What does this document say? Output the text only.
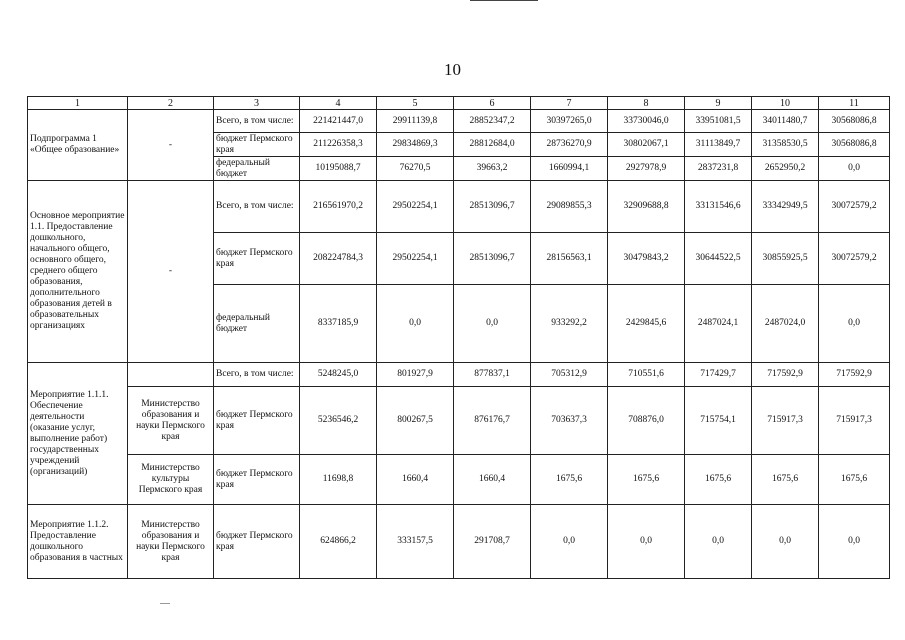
10
1	2	3	4	5	6	7	8	9	10	11
Подпрограмма 1 «Общее образование»	-	Всего, в том числе:	221421447,0	29911139,8	28852347,2	30397265,0	33730046,0	33951081,5	34011480,7	30568086,8
		бюджет Пермского края	211226358,3	29834869,3	28812684,0	28736270,9	30802067,1	31113849,7	31358530,5	30568086,8
		федеральный бюджет	10195088,7	76270,5	39663,2	1660994,1	2927978,9	2837231,8	2652950,2	0,0
Основное мероприятие 1.1. Предоставление дошкольного, начального общего, основного общего, среднего общего образования, дополнительного образования детей в образовательных организациях	-	Всего, в том числе:	216561970,2	29502254,1	28513096,7	29089855,3	32909688,8	33131546,6	33342949,5	30072579,2
		бюджет Пермского края	208224784,3	29502254,1	28513096,7	28156563,1	30479843,2	30644522,5	30855925,5	30072579,2
		федеральный бюджет	8337185,9	0,0	0,0	933292,2	2429845,6	2487024,1	2487024,0	0,0
Мероприятие 1.1.1. Обеспечение деятельности (оказание услуг, выполнение работ) государственных учреждений (организаций)		Всего, в том числе:	5248245,0	801927,9	877837,1	705312,9	710551,6	717429,7	717592,9	717592,9
	Министерство образования и науки Пермского края	бюджет Пермского края	5236546,2	800267,5	876176,7	703637,3	708876,0	715754,1	715917,3	715917,3
	Министерство культуры Пермского края	бюджет Пермского края	11698,8	1660,4	1660,4	1675,6	1675,6	1675,6	1675,6	1675,6
Мероприятие 1.1.2. Предоставление дошкольного образования в частных	Министерство образования и науки Пермского края	бюджет Пермского края	624866,2	333157,5	291708,7	0,0	0,0	0,0	0,0	0,0
